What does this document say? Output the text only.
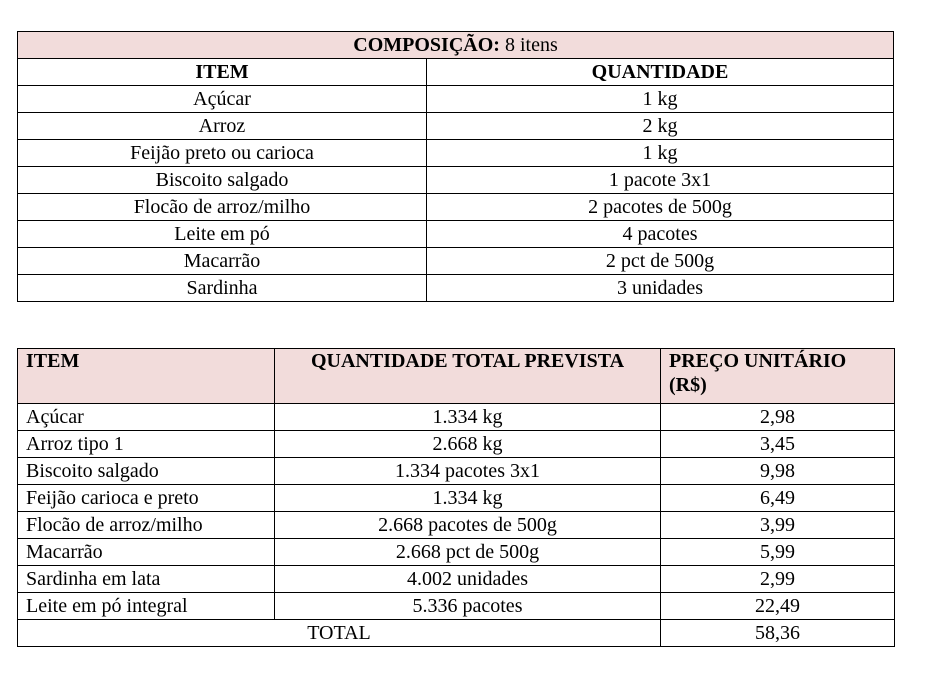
COMPOSIÇÃO: 8 itens	
ITEM	QUANTIDADE
Açúcar	1 kg
Arroz	2 kg
Feijão preto ou carioca	1 kg
Biscoito salgado	1 pacote 3x1
Flocão de arroz/milho	2 pacotes de 500g
Leite em pó	4 pacotes
Macarrão	2 pct de 500g
Sardinha	3 unidades
ITEM	QUANTIDADE TOTAL PREVISTA	PREÇO UNITÁRIO (R$)
Açúcar	1.334 kg	2,98
Arroz tipo 1	2.668 kg	3,45
Biscoito salgado	1.334 pacotes 3x1	9,98
Feijão carioca e preto	1.334 kg	6,49
Flocão de arroz/milho	2.668 pacotes de 500g	3,99
Macarrão	2.668 pct de 500g	5,99
Sardinha em lata	4.002 unidades	2,99
Leite em pó integral	5.336 pacotes	22,49
TOTAL		58,36
